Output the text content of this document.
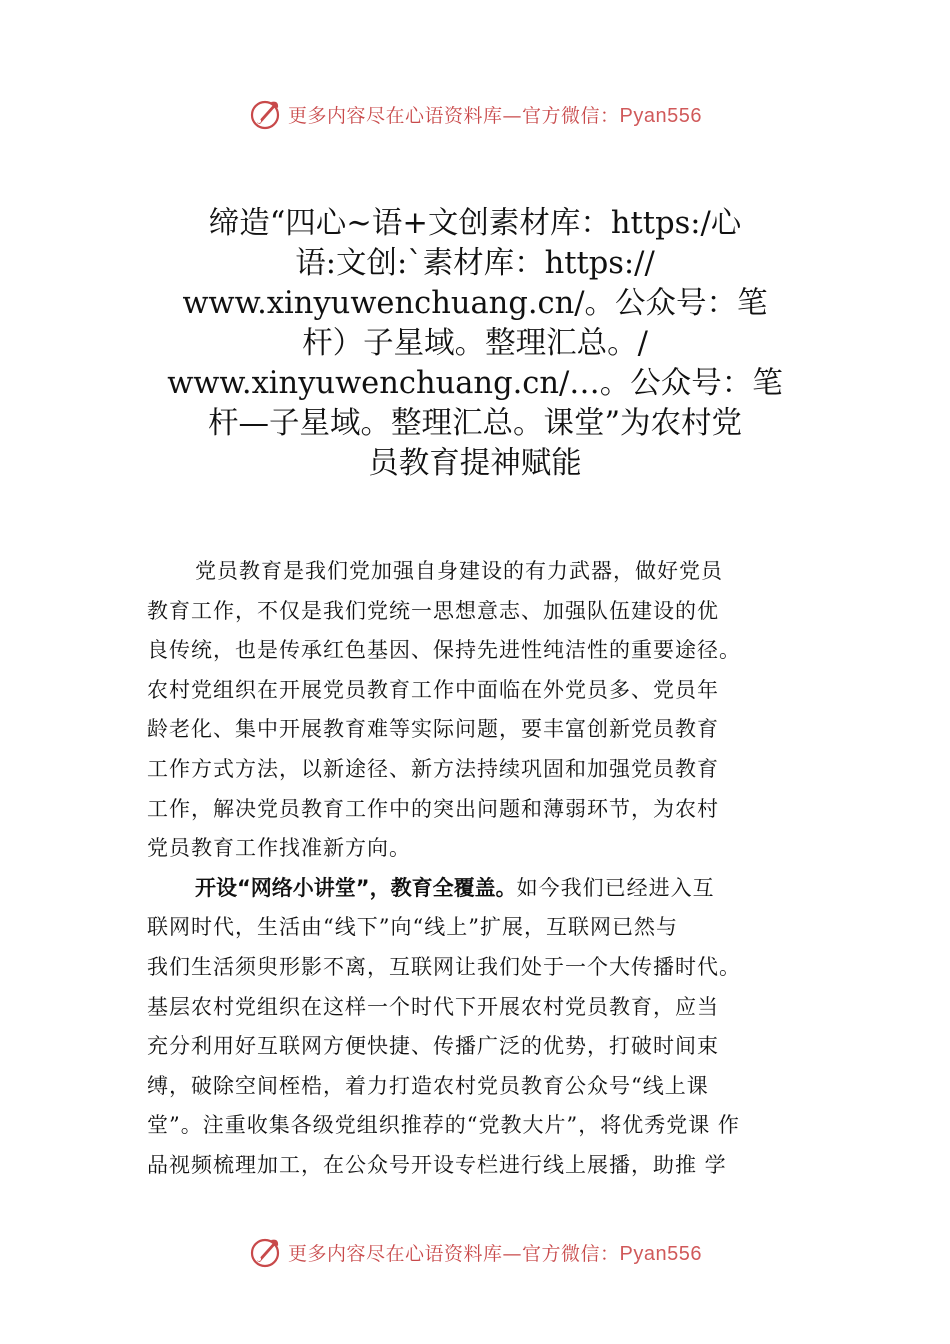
更多内容尽在心语资料库—官方微信：Pyan556
缔造“四心~语+文创素材库：https:/心
语:文创:`素材库：https://
www.xinyuwenchuang.cn/。公众号：笔
杆）子星域。整理汇总。/
www.xinyuwenchuang.cn/…。公众号：笔
杆—子星域。整理汇总。课堂”为农村党
员教育提神赋能

党员教育是我们党加强自身建设的有力武器，做好党员
教育工作，不仅是我们党统一思想意志、加强队伍建设的优
良传统，也是传承红色基因、保持先进性纯洁性的重要途径。
农村党组织在开展党员教育工作中面临在外党员多、党员年
龄老化、集中开展教育难等实际问题，要丰富创新党员教育
工作方式方法，以新途径、新方法持续巩固和加强党员教育
工作，解决党员教育工作中的突出问题和薄弱环节，为农村
党员教育工作找准新方向。

开设“网络小讲堂”，教育全覆盖。如今我们已经进入互
联网时代，生活由“线下”向“线上”扩展，互联网已然与
我们生活须臾形影不离，互联网让我们处于一个大传播时代。
基层农村党组织在这样一个时代下开展农村党员教育，应当
充分利用好互联网方便快捷、传播广泛的优势，打破时间束
缚，破除空间桎梏，着力打造农村党员教育公众号“线上课
堂”。注重收集各级党组织推荐的“党教大片”，将优秀党课 作
品视频梳理加工，在公众号开设专栏进行线上展播，助推 学

更多内容尽在心语资料库—官方微信：Pyan556
